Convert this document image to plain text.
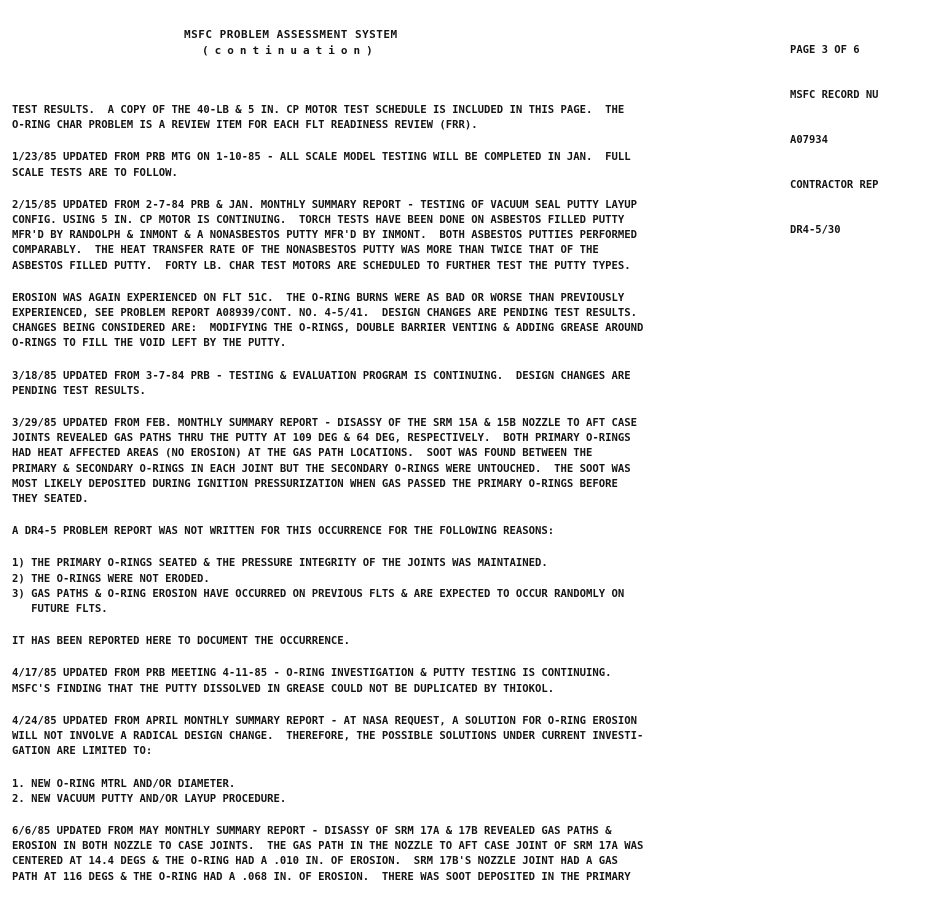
MSFC PROBLEM ASSESSMENT SYSTEM
(continuation)

	PAGE 3 OF 6

MSFC RECORD NU

A07934

CONTRACTOR REP

DR4-5/30

TEST RESULTS.  A COPY OF THE 40-LB & 5 IN. CP MOTOR TEST SCHEDULE IS INCLUDED IN THIS PAGE.  THE
O-RING CHAR PROBLEM IS A REVIEW ITEM FOR EACH FLT READINESS REVIEW (FRR).
1/23/85 UPDATED FROM PRB MTG ON 1-10-85 - ALL SCALE MODEL TESTING WILL BE COMPLETED IN JAN.  FULL
SCALE TESTS ARE TO FOLLOW.
2/15/85 UPDATED FROM 2-7-84 PRB & JAN. MONTHLY SUMMARY REPORT - TESTING OF VACUUM SEAL PUTTY LAYUP
CONFIG. USING 5 IN. CP MOTOR IS CONTINUING.  TORCH TESTS HAVE BEEN DONE ON ASBESTOS FILLED PUTTY
MFR'D BY RANDOLPH & INMONT & A NONASBESTOS PUTTY MFR'D BY INMONT.  BOTH ASBESTOS PUTTIES PERFORMED
COMPARABLY.  THE HEAT TRANSFER RATE OF THE NONASBESTOS PUTTY WAS MORE THAN TWICE THAT OF THE
ASBESTOS FILLED PUTTY.  FORTY LB. CHAR TEST MOTORS ARE SCHEDULED TO FURTHER TEST THE PUTTY TYPES.
EROSION WAS AGAIN EXPERIENCED ON FLT 51C.  THE O-RING BURNS WERE AS BAD OR WORSE THAN PREVIOUSLY
EXPERIENCED, SEE PROBLEM REPORT A08939/CONT. NO. 4-5/41.  DESIGN CHANGES ARE PENDING TEST RESULTS.
CHANGES BEING CONSIDERED ARE:  MODIFYING THE O-RINGS, DOUBLE BARRIER VENTING & ADDING GREASE AROUND
O-RINGS TO FILL THE VOID LEFT BY THE PUTTY.
3/18/85 UPDATED FROM 3-7-84 PRB - TESTING & EVALUATION PROGRAM IS CONTINUING.  DESIGN CHANGES ARE
PENDING TEST RESULTS.
3/29/85 UPDATED FROM FEB. MONTHLY SUMMARY REPORT - DISASSY OF THE SRM 15A & 15B NOZZLE TO AFT CASE
JOINTS REVEALED GAS PATHS THRU THE PUTTY AT 109 DEG & 64 DEG, RESPECTIVELY.  BOTH PRIMARY O-RINGS
HAD HEAT AFFECTED AREAS (NO EROSION) AT THE GAS PATH LOCATIONS.  SOOT WAS FOUND BETWEEN THE
PRIMARY & SECONDARY O-RINGS IN EACH JOINT BUT THE SECONDARY O-RINGS WERE UNTOUCHED.  THE SOOT WAS
MOST LIKELY DEPOSITED DURING IGNITION PRESSURIZATION WHEN GAS PASSED THE PRIMARY O-RINGS BEFORE
THEY SEATED.
A DR4-5 PROBLEM REPORT WAS NOT WRITTEN FOR THIS OCCURRENCE FOR THE FOLLOWING REASONS:
1) THE PRIMARY O-RINGS SEATED & THE PRESSURE INTEGRITY OF THE JOINTS WAS MAINTAINED.
2) THE O-RINGS WERE NOT ERODED.
3) GAS PATHS & O-RING EROSION HAVE OCCURRED ON PREVIOUS FLTS & ARE EXPECTED TO OCCUR RANDOMLY ON
FUTURE FLTS.
IT HAS BEEN REPORTED HERE TO DOCUMENT THE OCCURRENCE.
4/17/85 UPDATED FROM PRB MEETING 4-11-85 - O-RING INVESTIGATION & PUTTY TESTING IS CONTINUING.
MSFC'S FINDING THAT THE PUTTY DISSOLVED IN GREASE COULD NOT BE DUPLICATED BY THIOKOL.
4/24/85 UPDATED FROM APRIL MONTHLY SUMMARY REPORT - AT NASA REQUEST, A SOLUTION FOR O-RING EROSION
WILL NOT INVOLVE A RADICAL DESIGN CHANGE.  THEREFORE, THE POSSIBLE SOLUTIONS UNDER CURRENT INVESTI-
GATION ARE LIMITED TO:
1. NEW O-RING MTRL AND/OR DIAMETER.
2. NEW VACUUM PUTTY AND/OR LAYUP PROCEDURE.
6/6/85 UPDATED FROM MAY MONTHLY SUMMARY REPORT - DISASSY OF SRM 17A & 17B REVEALED GAS PATHS &
EROSION IN BOTH NOZZLE TO CASE JOINTS.  THE GAS PATH IN THE NOZZLE TO AFT CASE JOINT OF SRM 17A WAS
CENTERED AT 14.4 DEGS & THE O-RING HAD A .010 IN. OF EROSION.  SRM 17B'S NOZZLE JOINT HAD A GAS
PATH AT 116 DEGS & THE O-RING HAD A .068 IN. OF EROSION.  THERE WAS SOOT DEPOSITED IN THE PRIMARY
